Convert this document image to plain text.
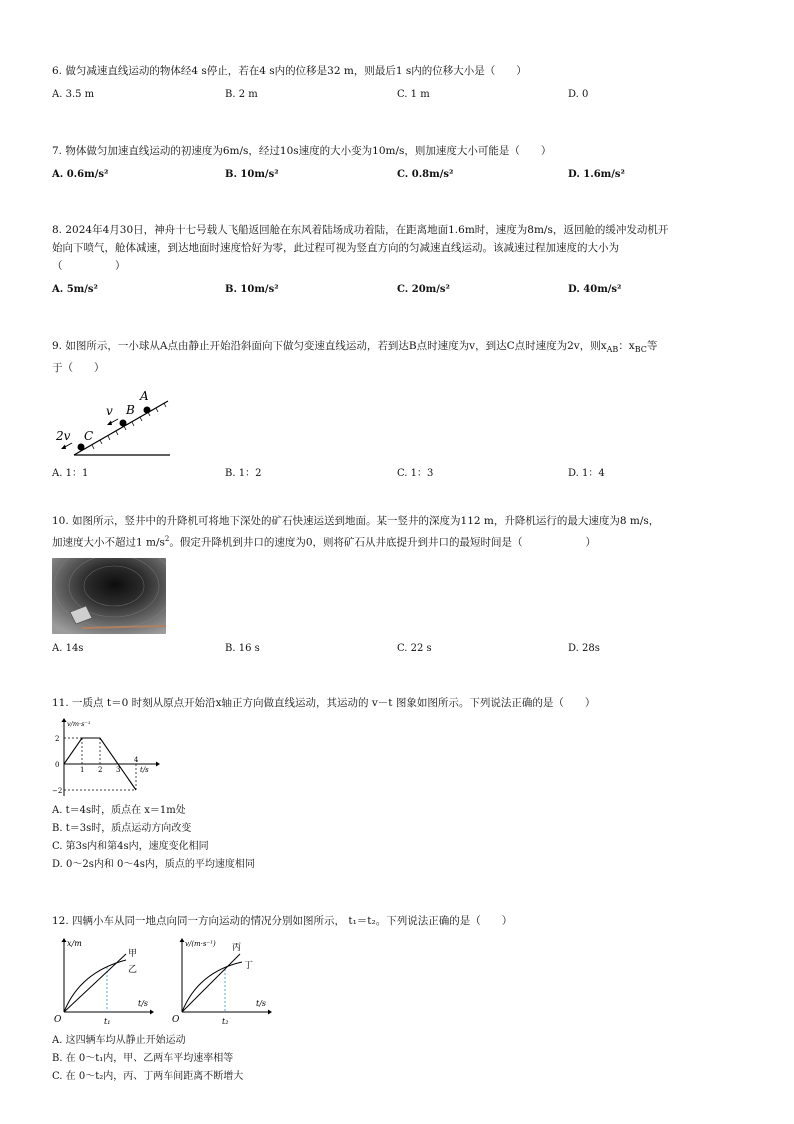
6. 做匀减速直线运动的物体经4 s停止，若在4 s内的位移是32 m，则最后1 s内的位移大小是（　　）

A. 3.5 m	B. 2 m	C. 1 m	D. 0

7. 物体做匀加速直线运动的初速度为6m/s，经过10s速度的大小变为10m/s，则加速度大小可能是（　　）

A. 0.6m/s²	B. 10m/s²	C. 0.8m/s²	D. 1.6m/s²

8. 2024年4月30日，神舟十七号载人飞船返回舱在东风着陆场成功着陆，在距离地面1.6m时，速度为8m/s，返回舱的缓冲发动机开

始向下喷气，舱体减速，到达地面时速度恰好为零，此过程可视为竖直方向的匀减速直线运动。该减速过程加速度的大小为

（　　　　　）

A. 5m/s²	B. 10m/s²	C. 20m/s²	D. 40m/s²

9. 如图所示，一小球从A点由静止开始沿斜面向下做匀变速直线运动，若到达B点时速度为v，到达C点时速度为2v，则$x_{AB}$：$x_{BC}$等

于（　　）

A
B
C
v
2v
A. 1：1	B. 1：2	C. 1：3	D. 1：4

10. 如图所示，竖井中的升降机可将地下深处的矿石快速运送到地面。某一竖井的深度为112 m，升降机运行的最大速度为8 m/s，

加速度大小不超过1 $m/s^2$。假定升降机到井口的速度为0，则将矿石从井底提升到井口的最短时间是（　　　　　　）

A. 14s	B. 16 s	C. 22 s	D. 28s

11. 一质点 t＝0 时刻从原点开始沿x轴正方向做直线运动，其运动的 v－t 图象如图所示。下列说法正确的是（　　）

v/m·s⁻¹
t/s
1 2 3
4
2
0
−2
A. t＝4s时，质点在 x＝1m处
B. t＝3s时，质点运动方向改变
C. 第3s内和第4s内，速度变化相同
D. 0～2s内和 0～4s内，质点的平均速度相同

12. 四辆小车从同一地点向同一方向运动的情况分别如图所示， t₁＝t₂。下列说法正确的是（　　）

x/m
t/s
O	t₁
甲
乙
v/(m·s⁻¹)
t/s
O	t₂
丙
丁
A. 这四辆车均从静止开始运动
B. 在 0～t₁内，甲、乙两车平均速率相等
C. 在 0～t₂内，丙、丁两车间距离不断增大
